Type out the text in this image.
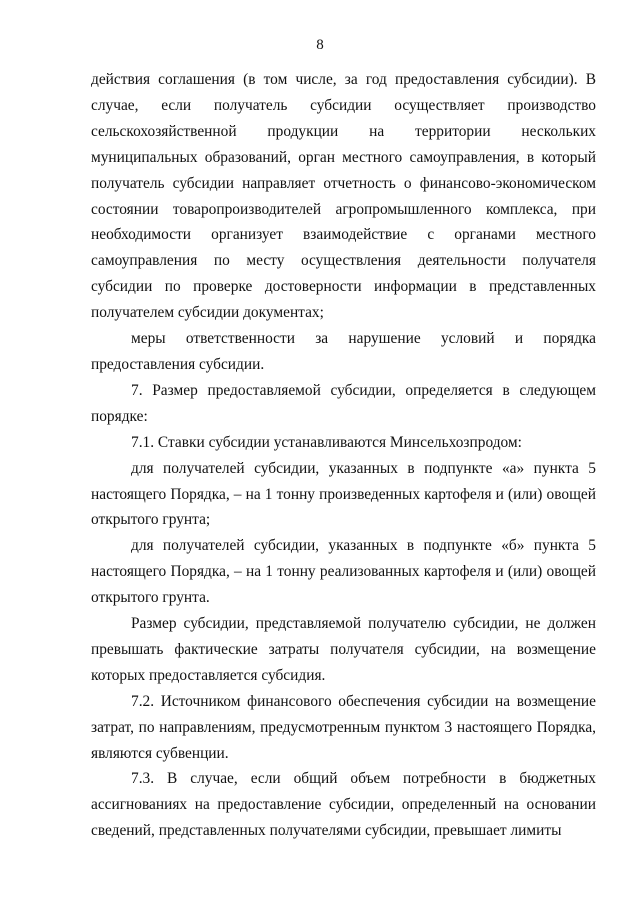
8

действия соглашения (в том числе, за год предоставления субсидии). В случае, если получатель субсидии осуществляет производство сельскохозяйственной продукции на территории нескольких муниципальных образований, орган местного самоуправления, в который получатель субсидии направляет отчетность о финансово-экономическом состоянии товаропроизводителей агропромышленного комплекса, при необходимости организует взаимодействие с органами местного самоуправления по месту осуществления деятельности получателя субсидии по проверке достоверности информации в представленных получателем субсидии документах;

меры ответственности за нарушение условий и порядка предоставления субсидии.

7. Размер предоставляемой субсидии, определяется в следующем порядке:

7.1. Ставки субсидии устанавливаются Минсельхозпродом:

для получателей субсидии, указанных в подпункте «а» пункта 5 настоящего Порядка, – на 1 тонну произведенных картофеля и (или) овощей открытого грунта;

для получателей субсидии, указанных в подпункте «б» пункта 5 настоящего Порядка, – на 1 тонну реализованных картофеля и (или) овощей открытого грунта.

Размер субсидии, представляемой получателю субсидии, не должен превышать фактические затраты получателя субсидии, на возмещение которых предоставляется субсидия.

7.2. Источником финансового обеспечения субсидии на возмещение затрат, по направлениям, предусмотренным пунктом 3 настоящего Порядка, являются субвенции.

7.3. В случае, если общий объем потребности в бюджетных ассигнованиях на предоставление субсидии, определенный на основании сведений, представленных получателями субсидии, превышает лимиты
